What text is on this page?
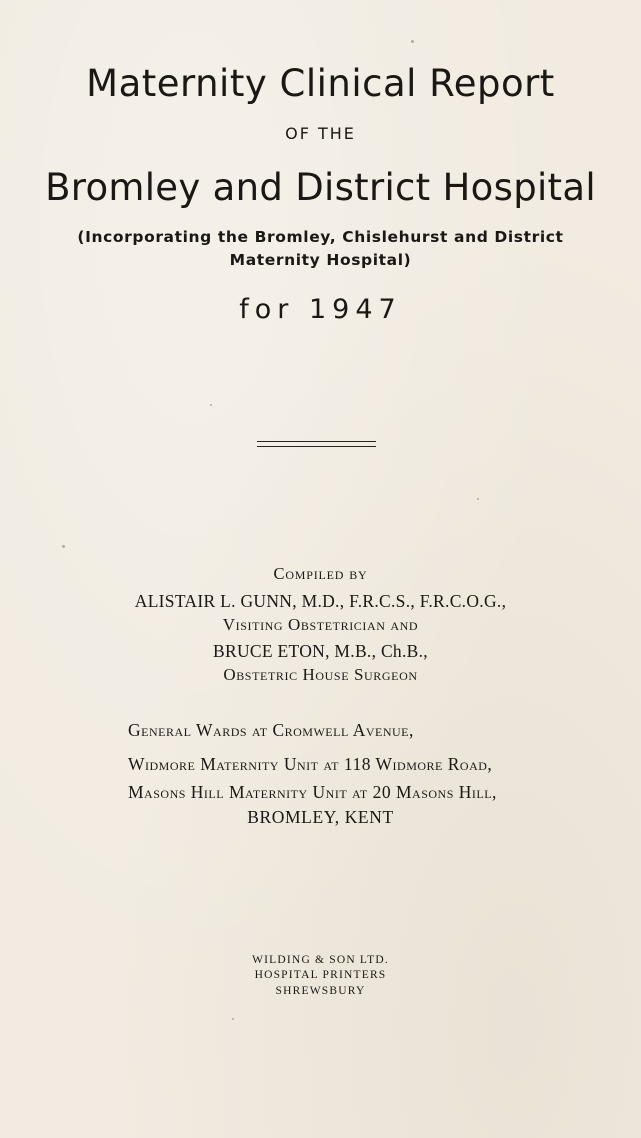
Maternity Clinical Report

OF THE

Bromley and District Hospital

(Incorporating the Bromley, Chislehurst and District

Maternity Hospital)

for 1947

Compiled by

ALISTAIR L. GUNN, M.D., F.R.C.S., F.R.C.O.G.,

Visiting Obstetrician and

BRUCE ETON, M.B., Ch.B.,

Obstetric House Surgeon

General Wards at Cromwell Avenue,

Widmore Maternity Unit at 118 Widmore Road,

Masons Hill Maternity Unit at 20 Masons Hill,

BROMLEY, KENT

WILDING & SON LTD.

HOSPITAL PRINTERS

SHREWSBURY
